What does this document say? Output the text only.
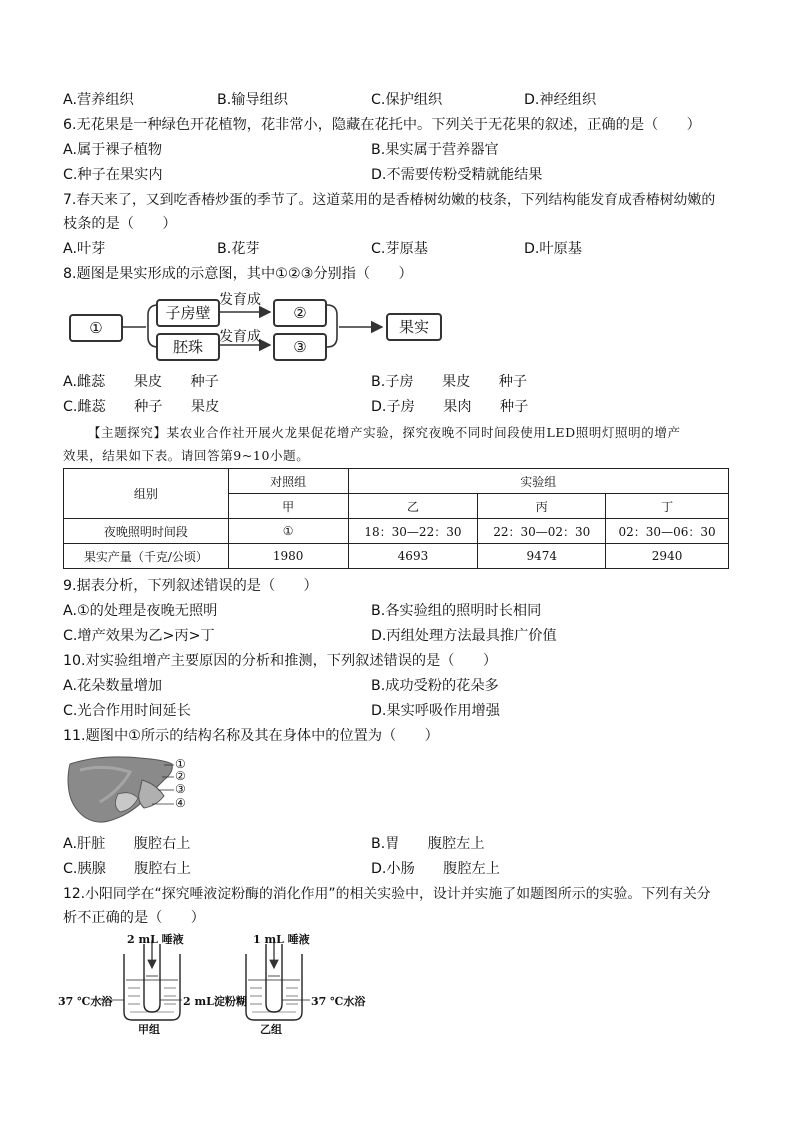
A.营养组织	B.输导组织	C.保护组织	D.神经组织
6.无花果是一种绿色开花植物，花非常小，隐藏在花托中。下列关于无花果的叙述，正确的是（　　）
A.属于裸子植物	B.果实属于营养器官
C.种子在果实内	D.不需要传粉受精就能结果
7.春天来了，又到吃香椿炒蛋的季节了。这道菜用的是香椿树幼嫩的枝条，下列结构能发育成香椿树幼嫩的
枝条的是（　　）
A.叶芽	B.花芽	C.芽原基	D.叶原基
8.题图是果实形成的示意图，其中①②③分别指（　　）
①
子房壁
胚珠
②
③
果实
发育成
发育成
A.雌蕊　　果皮　　种子	B.子房　　果皮　　种子
C.雌蕊　　种子　　果皮	D.子房　　果肉　　种子
【主题探究】某农业合作社开展火龙果促花增产实验，探究夜晚不同时间段使用LED照明灯照明的增产
效果，结果如下表。请回答第9~10小题。
组别	对照组	实验组		
	甲	乙	丙	丁
夜晚照明时间段	①	18：30—22：30	22：30—02：30	02：30—06：30
果实产量（千克/公顷）	1980	4693	9474	2940
9.据表分析，下列叙述错误的是（　　）
A.①的处理是夜晚无照明	B.各实验组的照明时长相同
C.增产效果为乙>丙>丁	D.丙组处理方法最具推广价值
10.对实验组增产主要原因的分析和推测，下列叙述错误的是（　　）
A.花朵数量增加	B.成功受粉的花朵多
C.光合作用时间延长	D.果实呼吸作用增强
11.题图中①所示的结构名称及其在身体中的位置为（　　）
①
②
③
④
A.肝脏　　腹腔右上	B.胃　　腹腔左上
C.胰腺　　腹腔右上	D.小肠　　腹腔左上
12.小阳同学在“探究唾液淀粉酶的消化作用”的相关实验中，设计并实施了如题图所示的实验。下列有关分
析不正确的是（　　）
2 mL 唾液	1 mL 唾液
37 ℃水浴	2 mL淀粉糊	37 ℃水浴
甲组	乙组
